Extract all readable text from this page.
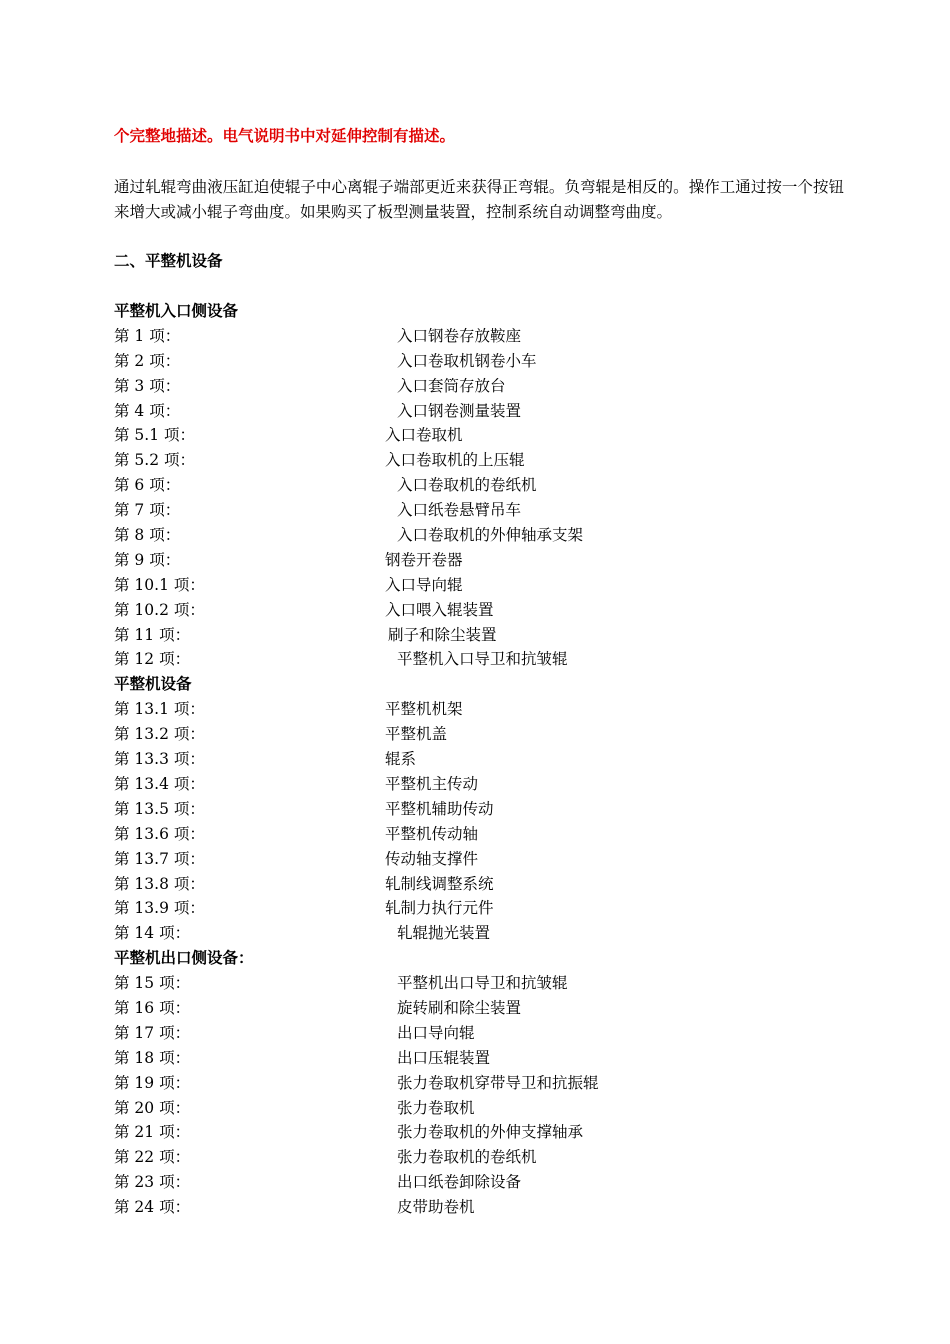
个完整地描述。电气说明书中对延伸控制有描述。
通过轧辊弯曲液压缸迫使辊子中心离辊子端部更近来获得正弯辊。负弯辊是相反的。操作工通过按一个按钮来增大或减小辊子弯曲度。如果购买了板型测量装置，控制系统自动调整弯曲度。
二、平整机设备
平整机入口侧设备
第 1 项：	入口钢卷存放鞍座
第 2 项：	入口卷取机钢卷小车
第 3 项：	入口套筒存放台
第 4 项：	入口钢卷测量装置
第 5.1 项：	入口卷取机
第 5.2 项：	入口卷取机的上压辊
第 6 项：	入口卷取机的卷纸机
第 7 项：	入口纸卷悬臂吊车
第 8 项：	入口卷取机的外伸轴承支架
第 9 项：	钢卷开卷器
第 10.1 项：	入口导向辊
第 10.2 项：	入口喂入辊装置
第 11 项：	刷子和除尘装置
第 12 项：	平整机入口导卫和抗皱辊
平整机设备
第 13.1 项：	平整机机架
第 13.2 项：	平整机盖
第 13.3 项：	辊系
第 13.4 项：	平整机主传动
第 13.5 项：	平整机辅助传动
第 13.6 项：	平整机传动轴
第 13.7 项：	传动轴支撑件
第 13.8 项：	轧制线调整系统
第 13.9 项：	轧制力执行元件
第 14 项：	轧辊抛光装置
平整机出口侧设备：
第 15 项：	平整机出口导卫和抗皱辊
第 16 项：	旋转刷和除尘装置
第 17 项：	出口导向辊
第 18 项：	出口压辊装置
第 19 项：	张力卷取机穿带导卫和抗振辊
第 20 项：	张力卷取机
第 21 项：	张力卷取机的外伸支撑轴承
第 22 项：	张力卷取机的卷纸机
第 23 项：	出口纸卷卸除设备
第 24 项：	皮带助卷机
